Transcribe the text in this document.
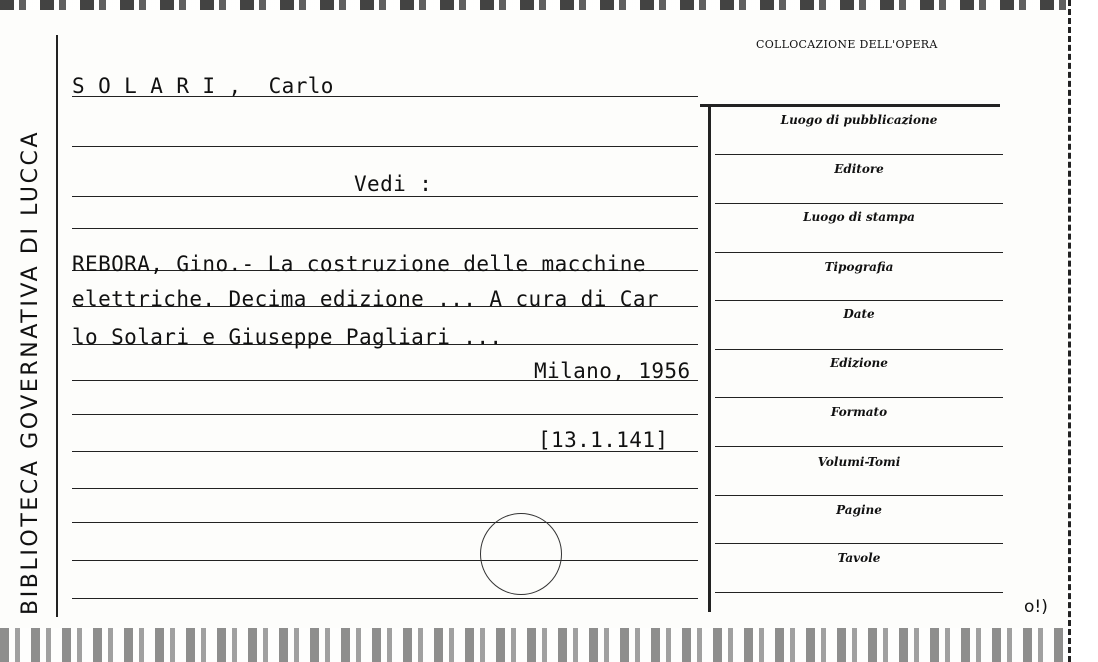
BIBLIOTECA GOVERNATIVA DI LUCCA
S O L A R I , Carlo
Vedi :
REBORA, Gino.- La costruzione delle macchine
elettriche. Decima edizione ... A cura di Car
lo Solari e Giuseppe Pagliari ...
Milano, 1956
[13.1.141]
COLLOCAZIONE DELL'OPERA
Luogo di pubblicazione
Editore
Luogo di stampa
Tipografia
Date
Edizione
Formato
Volumi-Tomi
Pagine
Tavole
o!)
